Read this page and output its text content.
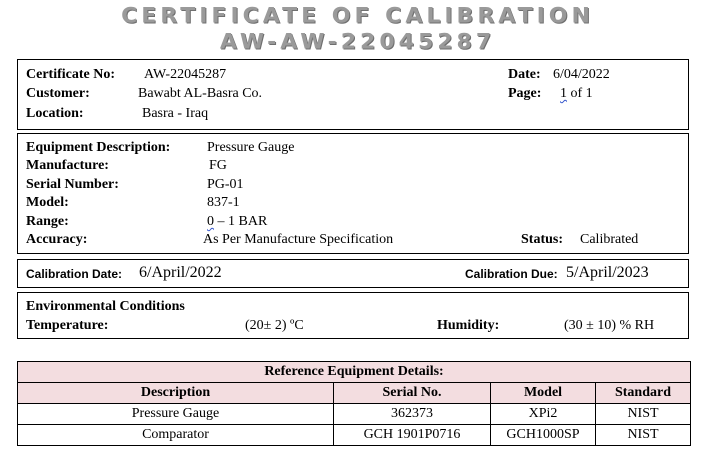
CERTIFICATE OF CALIBRATION
AW-AW-22045287
Certificate No: AW-22045287
Customer:	Bawabt AL-Basra Co.
Location:	Basra - Iraq
Date: 6/04/2022
Page: 1 of 1
Equipment Description:	Pressure Gauge
Manufacture:	FG
Serial Number:	PG-01
Model:	837-1
Range:	0 – 1 BAR
Accuracy:	As Per Manufacture Specification	Status: Calibrated
Calibration Date: 6/April/2022	Calibration Due: 5/April/2023
Environmental Conditions
Temperature:	(20± 2) ºC	Humidity:	(30 ± 10) % RH
Reference Equipment Details:			
Description	Serial No.	Model	Standard
Pressure Gauge	362373	XPi2	NIST
Comparator	GCH 1901P0716	GCH1000SP	NIST
